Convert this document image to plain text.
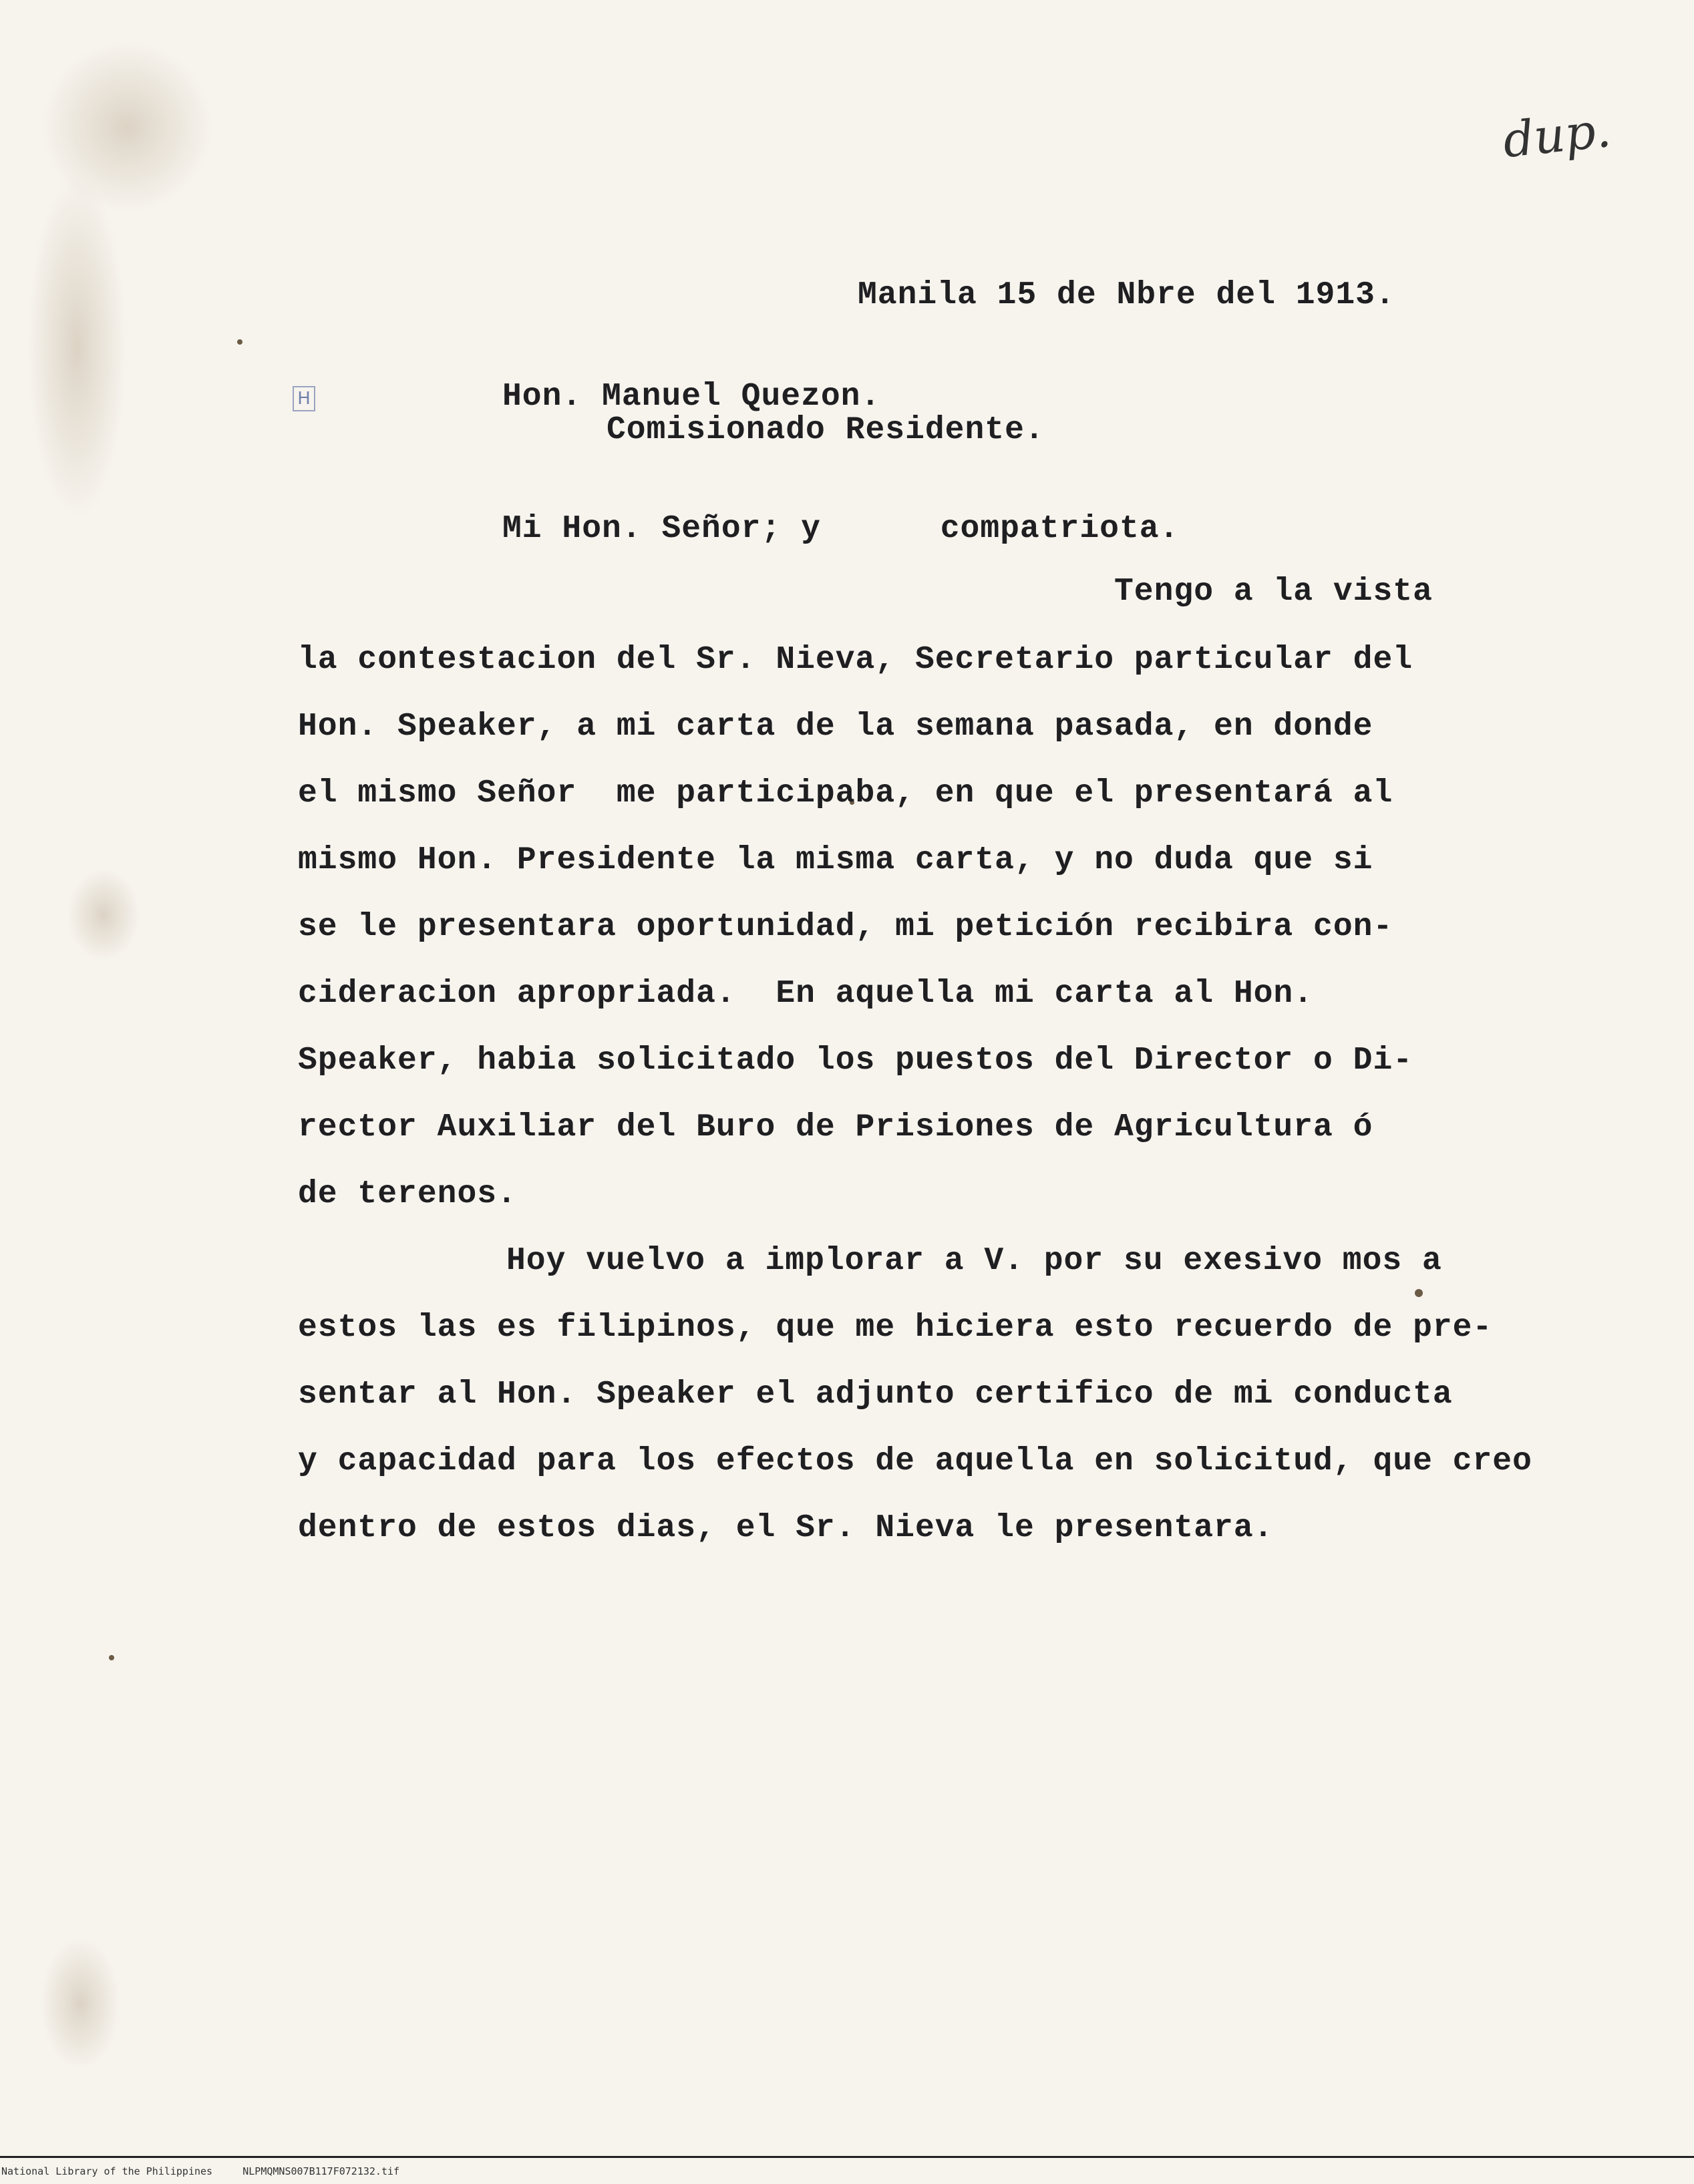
dup.
Manila 15 de Nbre del 1913.
H	Hon. Manuel Quezon.
Comisionado Residente.
Mi Hon. Señor; y      compatriota.
Tengo a la vista
la contestacion del Sr. Nieva, Secretario particular del
Hon. Speaker, a mi carta de la semana pasada, en donde
el mismo Señor  me participaba, en que el presentará al
mismo Hon. Presidente la misma carta, y no duda que si
se le presentara oportunidad, mi petición recibira con-
cideracion apropriada.  En aquella mi carta al Hon.
Speaker, habia solicitado los puestos del Director o Di-
rector Auxiliar del Buro de Prisiones de Agricultura ó
de terenos.
Hoy vuelvo a implorar a V. por su exesivo mos a
estos las es filipinos, que me hiciera esto recuerdo de pre-
sentar al Hon. Speaker el adjunto certifico de mi conducta
y capacidad para los efectos de aquella en solicitud, que creo
dentro de estos dias, el Sr. Nieva le presentara.
National Library of the Philippines	NLPMQMNS007B117F072132.tif
